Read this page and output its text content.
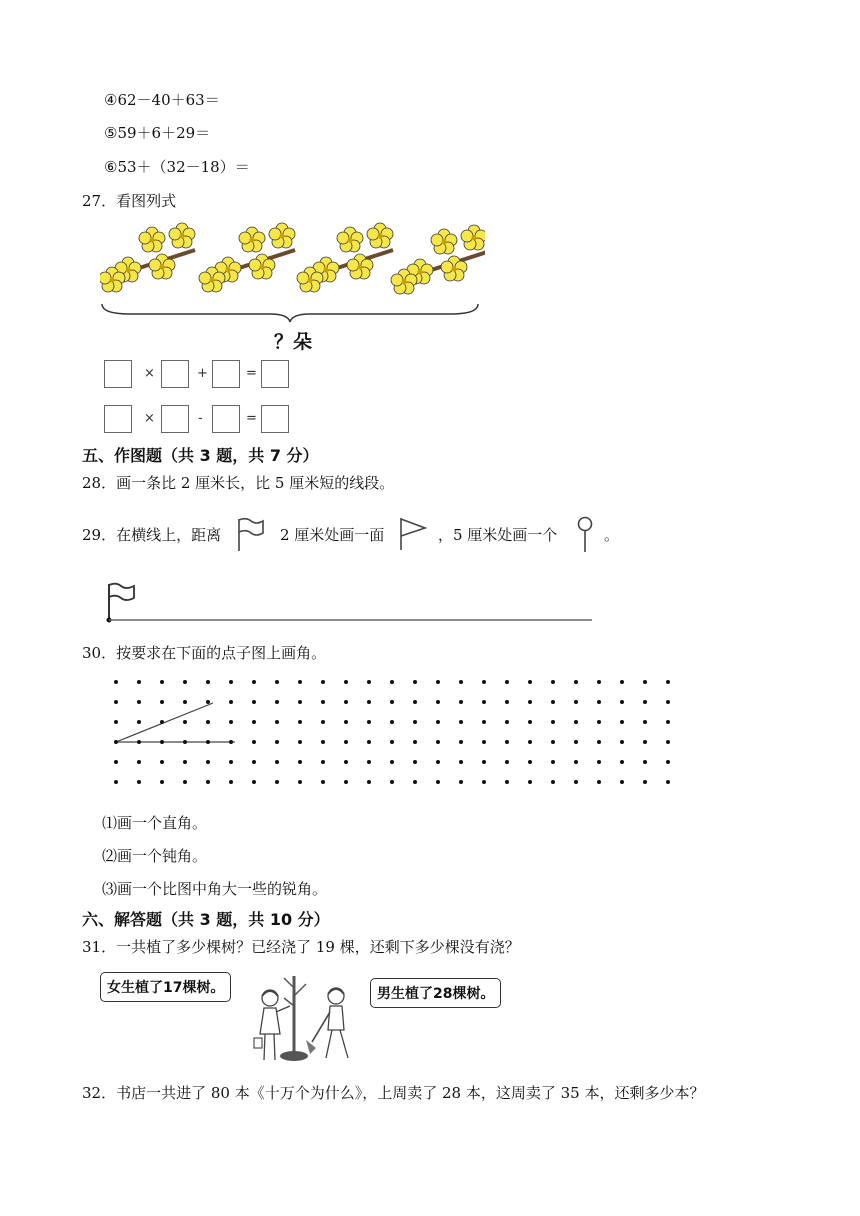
④62－40＋63＝
⑤59＋6＋29＝
⑥53＋（32－18）＝
27．看图列式
？朵
×	+	=
×	-	=
五、作图题（共 3 题，共 7 分）
28．画一条比 2 厘米长，比 5 厘米短的线段。
29．在横线上，距离	2 厘米处画一面	，5 厘米处画一个	。
30．按要求在下面的点子图上画角。
⑴画一个直角。
⑵画一个钝角。
⑶画一个比图中角大一些的锐角。
六、解答题（共 3 题，共 10 分）
31．一共植了多少棵树？已经浇了 19 棵，还剩下多少棵没有浇？
女生植了17棵树。	男生植了28棵树。
32．书店一共进了 80 本《十万个为什么》，上周卖了 28 本，这周卖了 35 本，还剩多少本？
